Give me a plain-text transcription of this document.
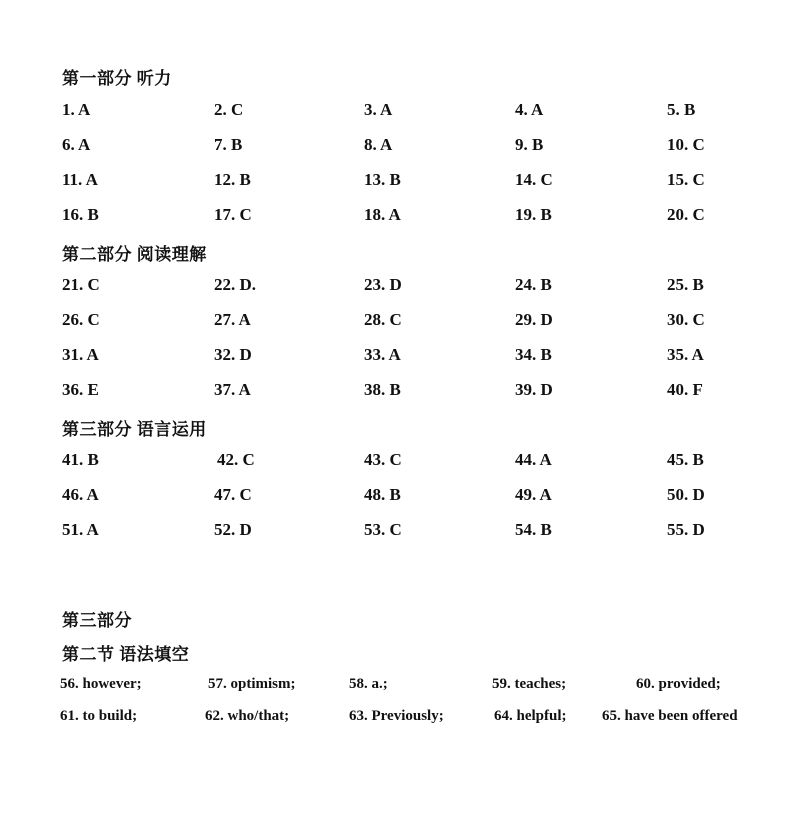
第一部分 听力
1. A	2. C	3. A	4. A	5. B
6. A	7. B	8. A	9. B	10. C
11. A	12. B	13. B	14. C	15. C
16. B	17. C	18. A	19. B	20. C
第二部分 阅读理解
21. C	22. D.	23. D	24. B	25. B
26. C	27. A	28. C	29. D	30. C
31. A	32. D	33. A	34. B	35. A
36. E	37. A	38. B	39. D	40. F
第三部分 语言运用
41. B	42. C	43. C	44. A	45. B
46. A	47. C	48. B	49. A	50. D
51. A	52. D	53. C	54. B	55. D
第三部分
第二节 语法填空
56. however;	57. optimism;	58. a.;	59. teaches;	60. provided;
61. to build;	62. who/that;	63. Previously;	64. helpful; 65. have been offered
